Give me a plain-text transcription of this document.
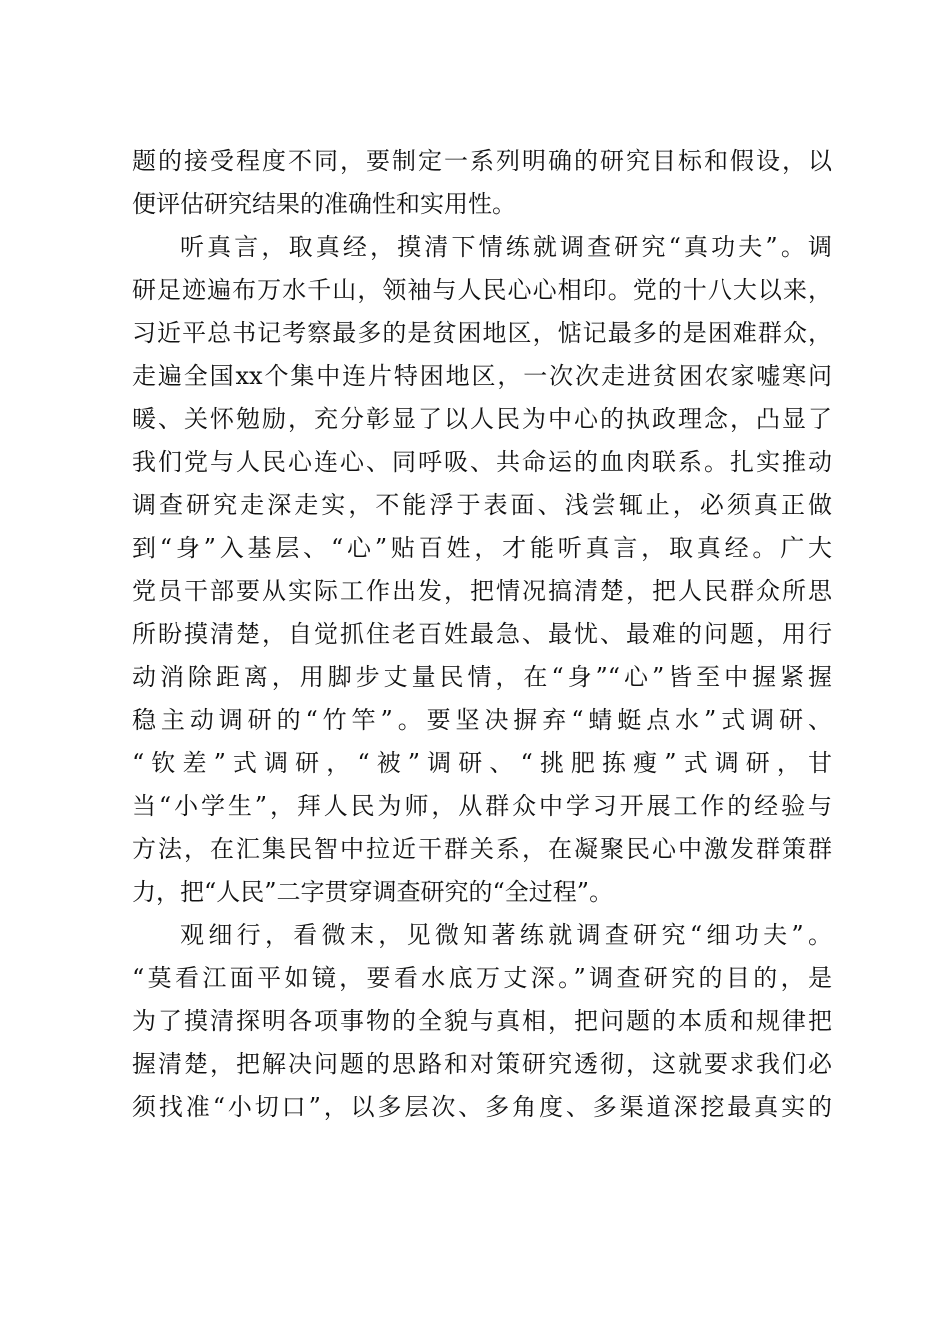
题的接受程度不同，要制定一系列明确的研究目标和假设，以
便评估研究结果的准确性和实用性。
听真言，取真经，摸清下情练就调查研究“真功夫”。调
研足迹遍布万水千山，领袖与人民心心相印。党的十八大以来，
习近平总书记考察最多的是贫困地区，惦记最多的是困难群众，
走遍全国xx个集中连片特困地区，一次次走进贫困农家嘘寒问
暖、关怀勉励，充分彰显了以人民为中心的执政理念，凸显了
我们党与人民心连心、同呼吸、共命运的血肉联系。扎实推动
调查研究走深走实，不能浮于表面、浅尝辄止，必须真正做
到“身”入基层、“心”贴百姓，才能听真言，取真经。广大
党员干部要从实际工作出发，把情况搞清楚，把人民群众所思
所盼摸清楚，自觉抓住老百姓最急、最忧、最难的问题，用行
动消除距离，用脚步丈量民情，在“身”“心”皆至中握紧握
稳主动调研的“竹竿”。要坚决摒弃“蜻蜓点水”式调研、
“钦差”式调研，“被”调研、“挑肥拣瘦”式调研，甘
当“小学生”，拜人民为师，从群众中学习开展工作的经验与
方法，在汇集民智中拉近干群关系，在凝聚民心中激发群策群
力，把“人民”二字贯穿调查研究的“全过程”。
观细行，看微末，见微知著练就调查研究“细功夫”。
“莫看江面平如镜，要看水底万丈深。”调查研究的目的，是
为了摸清探明各项事物的全貌与真相，把问题的本质和规律把
握清楚，把解决问题的思路和对策研究透彻，这就要求我们必
须找准“小切口”，以多层次、多角度、多渠道深挖最真实的
